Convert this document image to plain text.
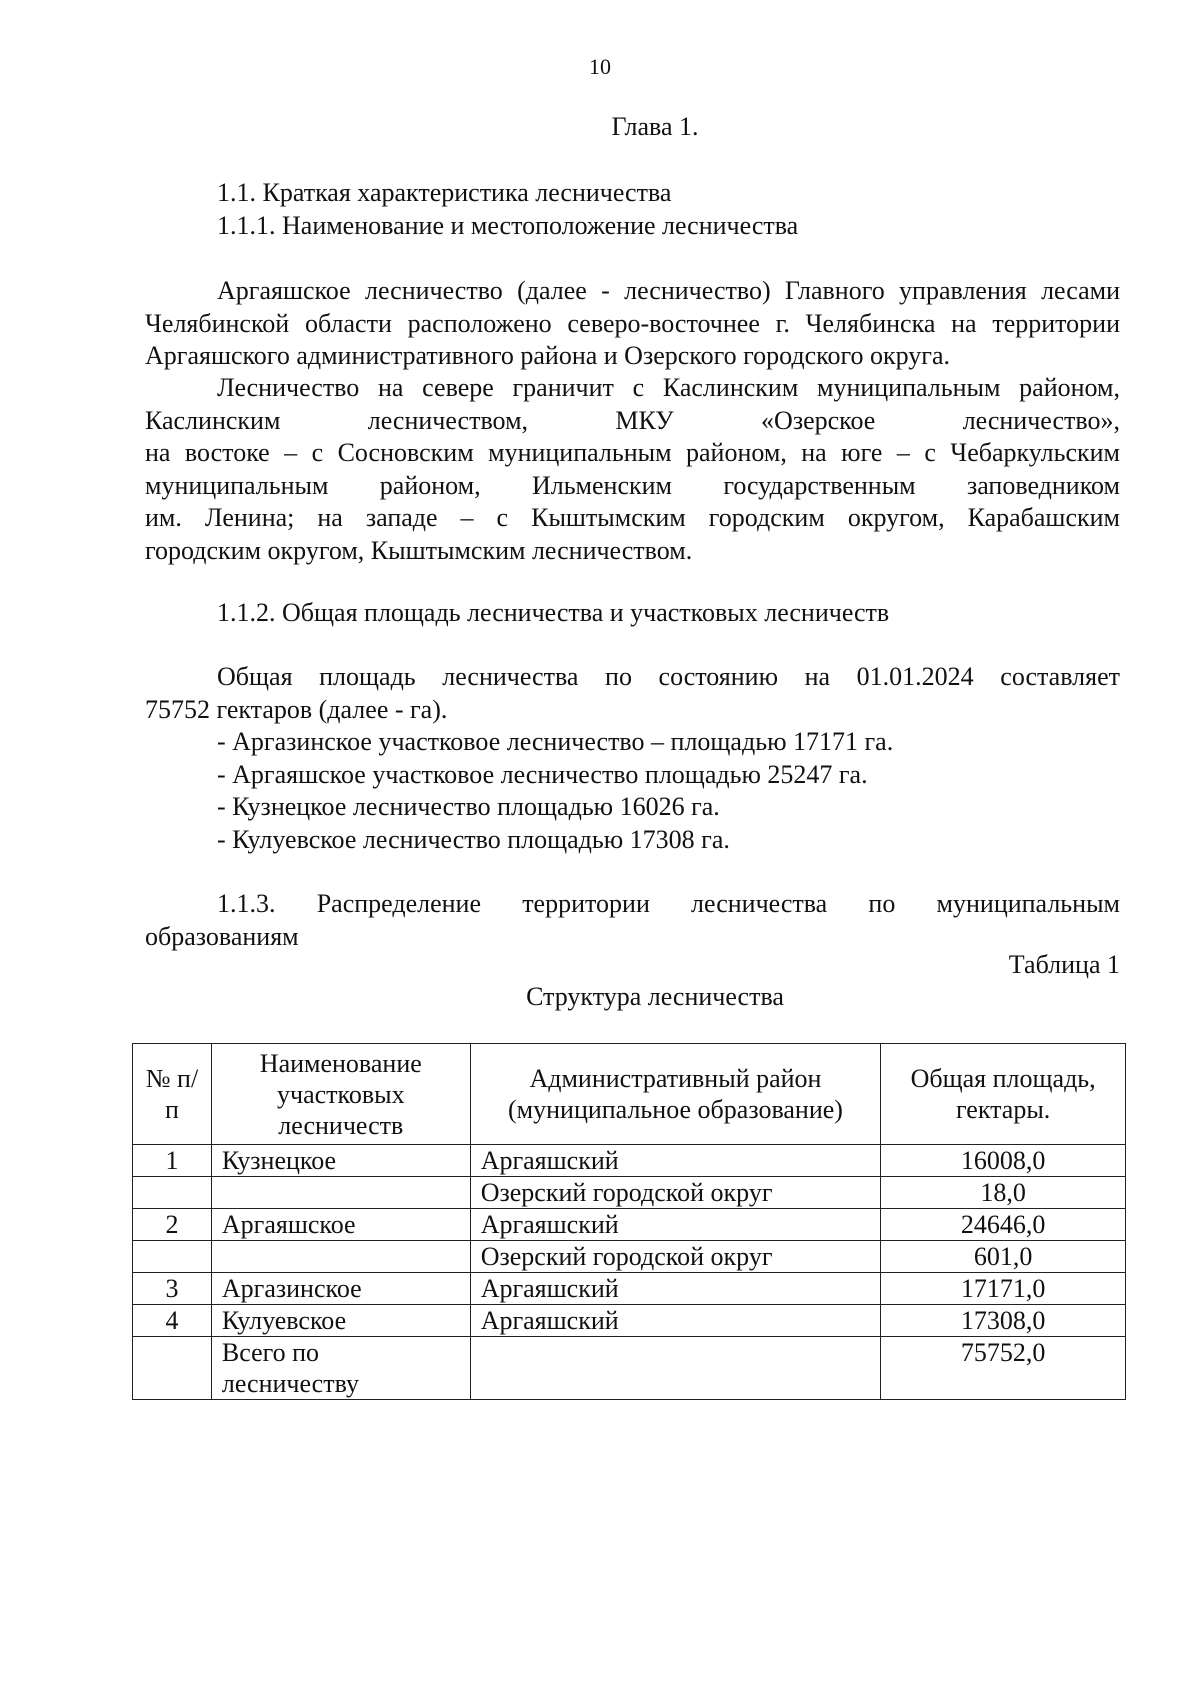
10
Глава 1.
1.1. Краткая характеристика лесничества
1.1.1. Наименование и местоположение лесничества
Аргаяшское лесничество (далее - лесничество) Главного управления лесами
Челябинской области расположено северо-восточнее г. Челябинска на территории
Аргаяшского административного района и Озерского городского округа.
Лесничество на севере граничит с Каслинским муниципальным районом,
Каслинским лесничеством, МКУ «Озерское лесничество»,
на востоке – с Сосновским муниципальным районом, на юге – с Чебаркульским
муниципальным районом, Ильменским государственным заповедником
им. Ленина; на западе – с Кыштымским городским округом, Карабашским
городским округом, Кыштымским лесничеством.
1.1.2. Общая площадь лесничества и участковых лесничеств
Общая площадь лесничества по состоянию на 01.01.2024 составляет
75752 гектаров (далее - га).
- Аргазинское участковое лесничество – площадью 17171 га.
- Аргаяшское участковое лесничество площадью 25247 га.
- Кузнецкое лесничество площадью 16026 га.
- Кулуевское лесничество площадью 17308 га.
1.1.3. Распределение территории лесничества по муниципальным
образованиям
Таблица 1
Структура лесничества
№ п/п	Наименование участковых лесничеств	Административный район (муниципальное образование)	Общая площадь, гектары.
1	Кузнецкое	Аргаяшский	16008,0
		Озерский городской округ	18,0
2	Аргаяшское	Аргаяшский	24646,0
		Озерский городской округ	601,0
3	Аргазинское	Аргаяшский	17171,0
4	Кулуевское	Аргаяшский	17308,0
	Всего по лесничеству		75752,0
